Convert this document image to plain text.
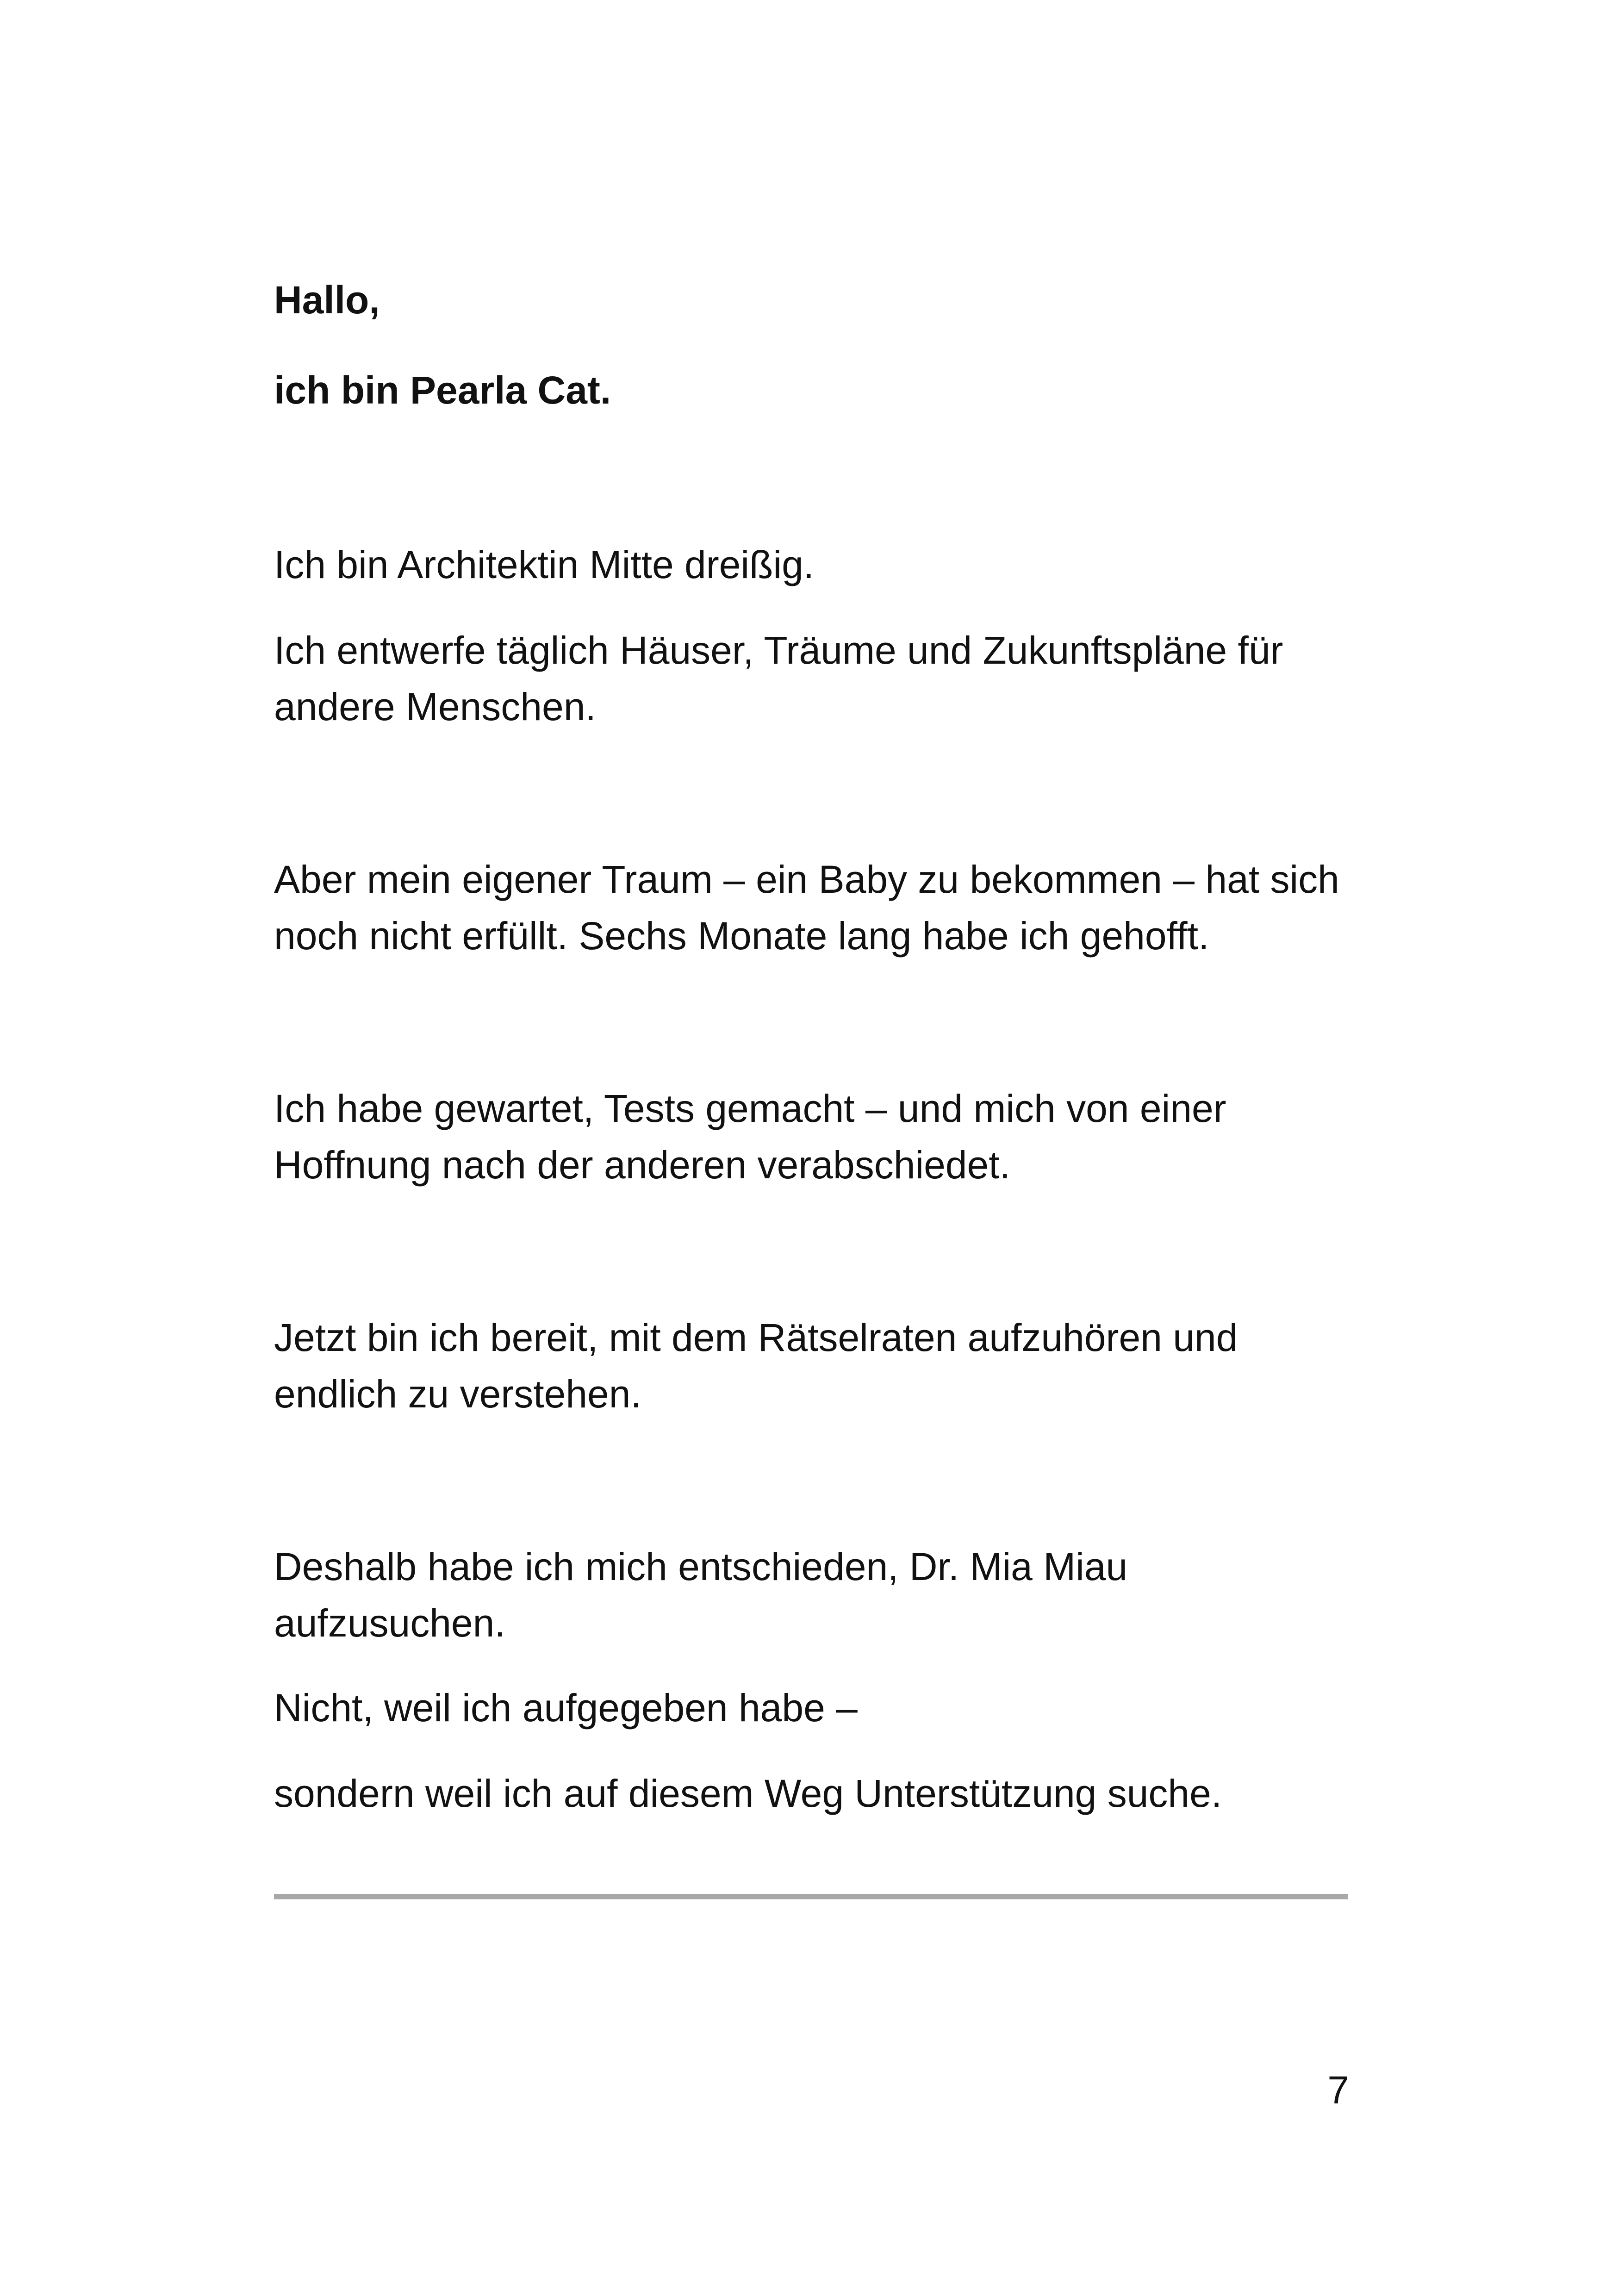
Hallo,

ich bin Pearla Cat.

Ich bin Architektin Mitte dreißig.

Ich entwerfe täglich Häuser, Träume und Zukunftspläne für

andere Menschen.

Aber mein eigener Traum – ein Baby zu bekommen – hat sich

noch nicht erfüllt. Sechs Monate lang habe ich gehofft.

Ich habe gewartet, Tests gemacht – und mich von einer

Hoffnung nach der anderen verabschiedet.

Jetzt bin ich bereit, mit dem Rätselraten aufzuhören und

endlich zu verstehen.

Deshalb habe ich mich entschieden, Dr. Mia Miau

aufzusuchen.

Nicht, weil ich aufgegeben habe –

sondern weil ich auf diesem Weg Unterstützung suche.

7
